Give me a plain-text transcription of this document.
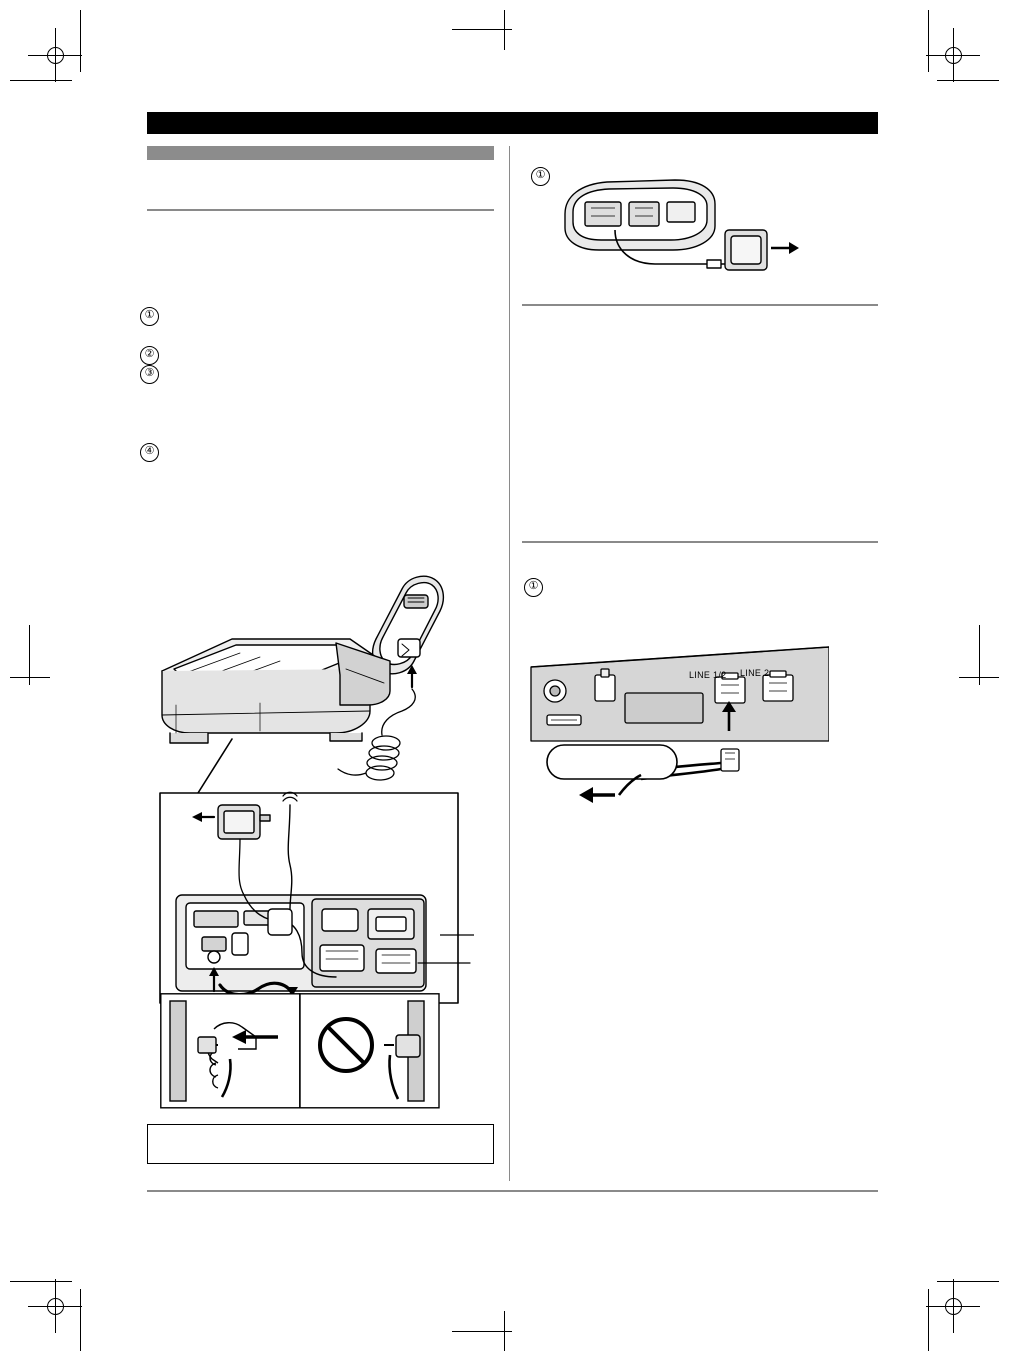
①
②
③
④
①
①
LINE 1/2 LINE 2
